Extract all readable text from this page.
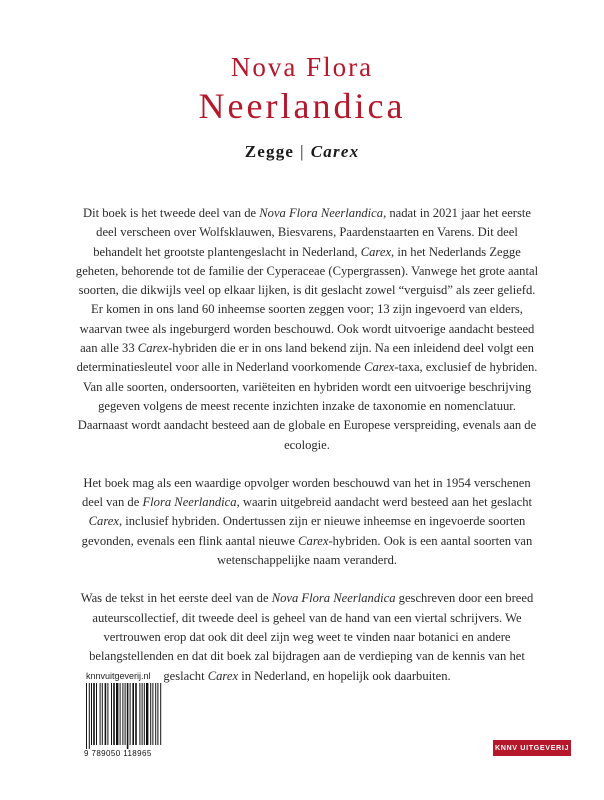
Nova Flora
Neerlandica
Zegge | Carex

Dit boek is het tweede deel van de Nova Flora Neerlandica, nadat in 2021 jaar het eerste deel verscheen over Wolfsklauwen, Biesvarens, Paardenstaarten en Varens. Dit deel behandelt het grootste plantengeslacht in Nederland, Carex, in het Nederlands Zegge geheten, behorende tot de familie der Cyperaceae (Cypergrassen). Vanwege het grote aantal soorten, die dikwijls veel op elkaar lijken, is dit geslacht zowel “verguisd” als zeer geliefd. Er komen in ons land 60 inheemse soorten zeggen voor; 13 zijn ingevoerd van elders, waarvan twee als ingeburgerd worden beschouwd. Ook wordt uitvoerige aandacht besteed aan alle 33 Carex-hybriden die er in ons land bekend zijn. Na een inleidend deel volgt een determinatiesleutel voor alle in Nederland voorkomende Carex-taxa, exclusief de hybriden. Van alle soorten, ondersoorten, variëteiten en hybriden wordt een uitvoerige beschrijving gegeven volgens de meest recente inzichten inzake de taxonomie en nomenclatuur. Daarnaast wordt aandacht besteed aan de globale en Europese verspreiding, evenals aan de ecologie.

Het boek mag als een waardige opvolger worden beschouwd van het in 1954 verschenen deel van de Flora Neerlandica, waarin uitgebreid aandacht werd besteed aan het geslacht Carex, inclusief hybriden. Ondertussen zijn er nieuwe inheemse en ingevoerde soorten gevonden, evenals een flink aantal nieuwe Carex-hybriden. Ook is een aantal soorten van wetenschappelijke naam veranderd.

Was de tekst in het eerste deel van de Nova Flora Neerlandica geschreven door een breed auteurscollectief, dit tweede deel is geheel van de hand van een viertal schrijvers. We vertrouwen erop dat ook dit deel zijn weg weet te vinden naar botanici en andere belangstellenden en dat dit boek zal bijdragen aan de verdieping van de kennis van het geslacht Carex in Nederland, en hopelijk ook daarbuiten.

knnvuitgeverij.nl
9 789050 118965
KNNV UITGEVERIJ
